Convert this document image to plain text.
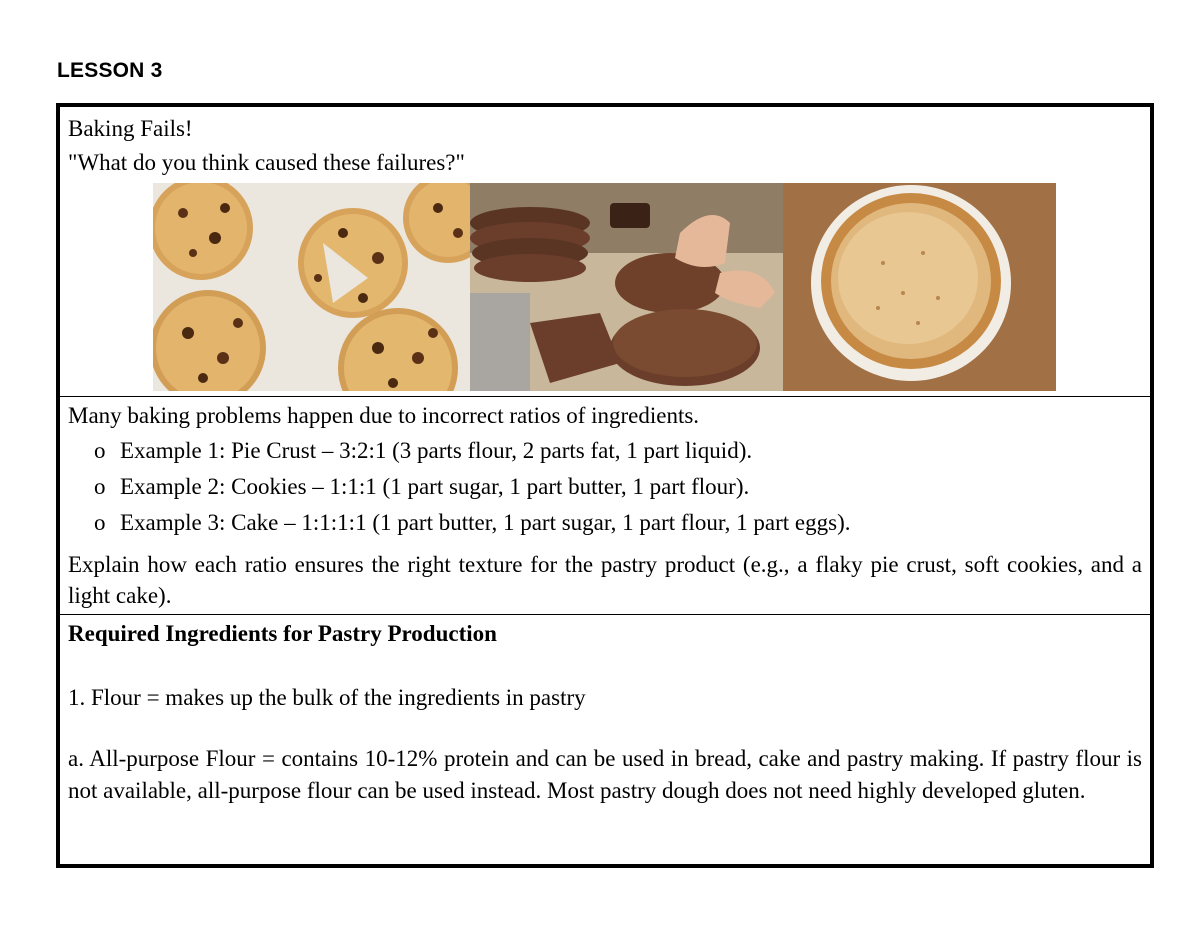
LESSON 3
Baking Fails!
"What do you think caused these failures?"
Many baking problems happen due to incorrect ratios of ingredients.
o Example 1: Pie Crust – 3:2:1 (3 parts flour, 2 parts fat, 1 part liquid).
o Example 2: Cookies – 1:1:1 (1 part sugar, 1 part butter, 1 part flour).
o Example 3: Cake – 1:1:1:1 (1 part butter, 1 part sugar, 1 part flour, 1 part eggs).
Explain how each ratio ensures the right texture for the pastry product (e.g., a flaky pie crust, soft cookies, and a light cake).
Required Ingredients for Pastry Production
1. Flour = makes up the bulk of the ingredients in pastry
a. All-purpose Flour = contains 10-12% protein and can be used in bread, cake and pastry making. If pastry flour is not available, all-purpose flour can be used instead. Most pastry dough does not need highly developed gluten.
